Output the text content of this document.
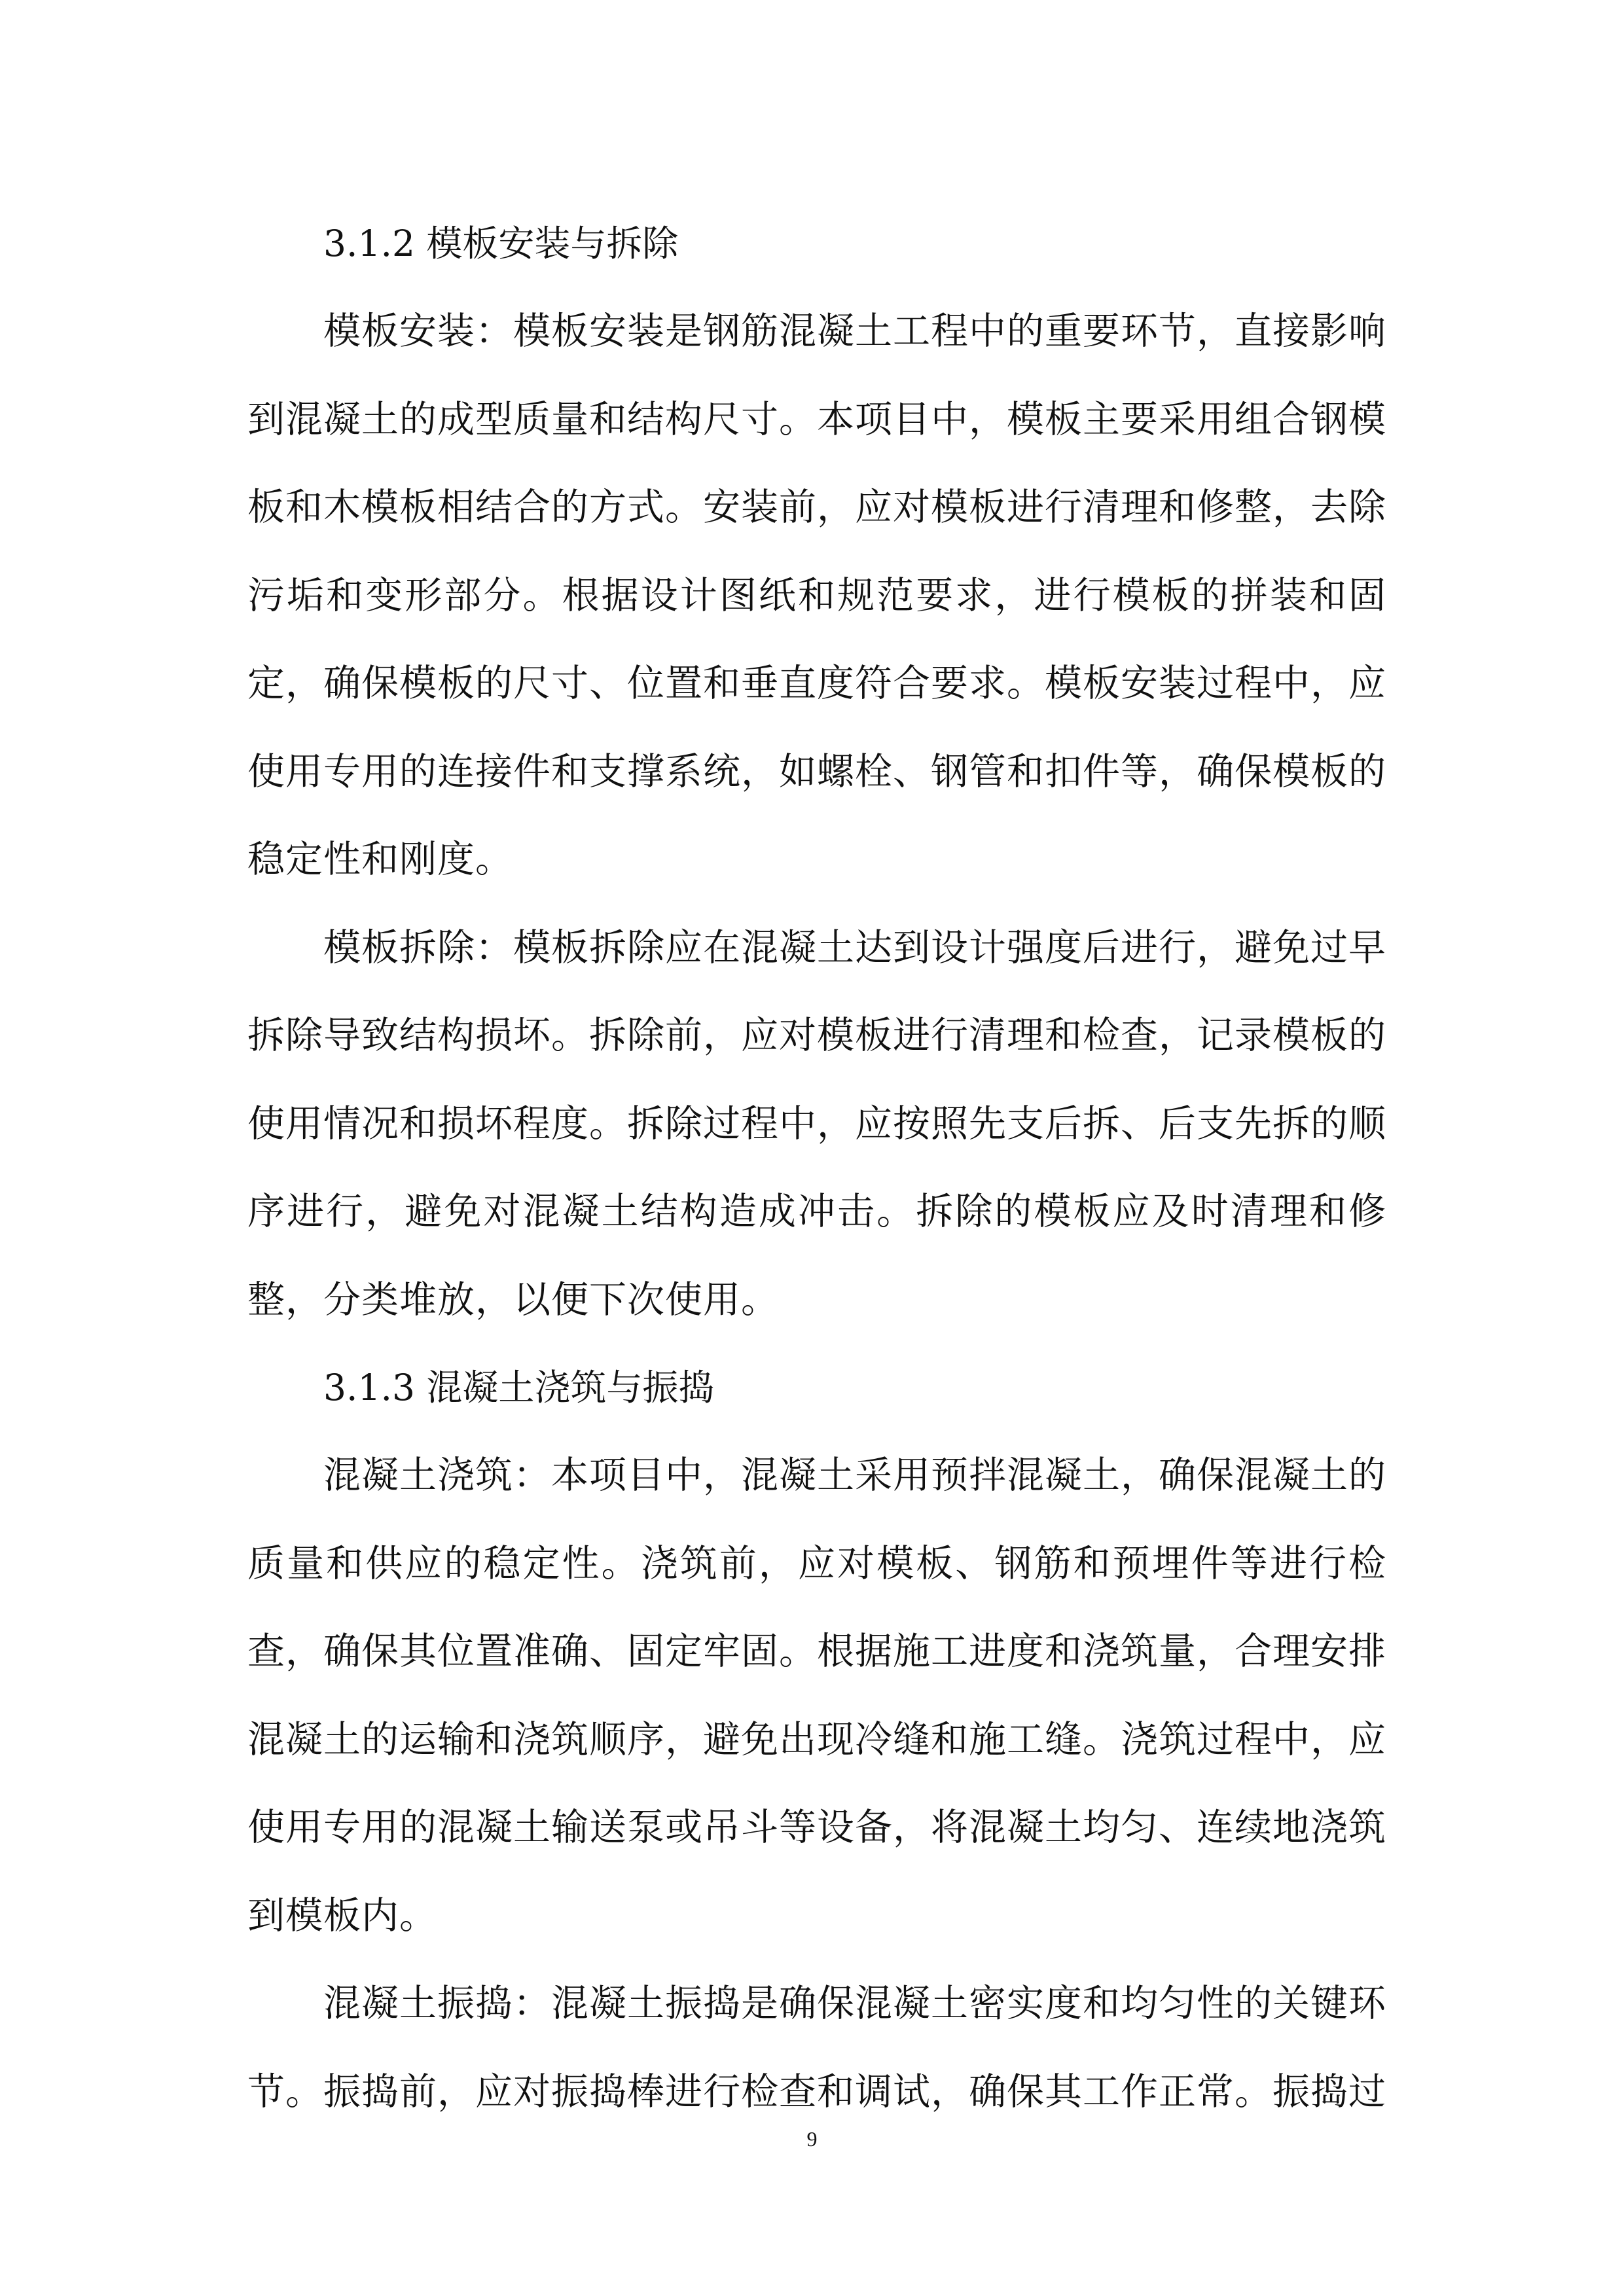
3.1.2 模板安装与拆除

模板安装：模板安装是钢筋混凝土工程中的重要环节，直接影响到混凝土的成型质量和结构尺寸。本项目中，模板主要采用组合钢模板和木模板相结合的方式。安装前，应对模板进行清理和修整，去除污垢和变形部分。根据设计图纸和规范要求，进行模板的拼装和固定，确保模板的尺寸、位置和垂直度符合要求。模板安装过程中，应使用专用的连接件和支撑系统，如螺栓、钢管和扣件等，确保模板的稳定性和刚度。

模板拆除：模板拆除应在混凝土达到设计强度后进行，避免过早拆除导致结构损坏。拆除前，应对模板进行清理和检查，记录模板的使用情况和损坏程度。拆除过程中，应按照先支后拆、后支先拆的顺序进行，避免对混凝土结构造成冲击。拆除的模板应及时清理和修整，分类堆放，以便下次使用。

3.1.3 混凝土浇筑与振捣

混凝土浇筑：本项目中，混凝土采用预拌混凝土，确保混凝土的质量和供应的稳定性。浇筑前，应对模板、钢筋和预埋件等进行检查，确保其位置准确、固定牢固。根据施工进度和浇筑量，合理安排混凝土的运输和浇筑顺序，避免出现冷缝和施工缝。浇筑过程中，应使用专用的混凝土输送泵或吊斗等设备，将混凝土均匀、连续地浇筑到模板内。

混凝土振捣：混凝土振捣是确保混凝土密实度和均匀性的关键环节。振捣前，应对振捣棒进行检查和调试，确保其工作正常。振捣过

9
